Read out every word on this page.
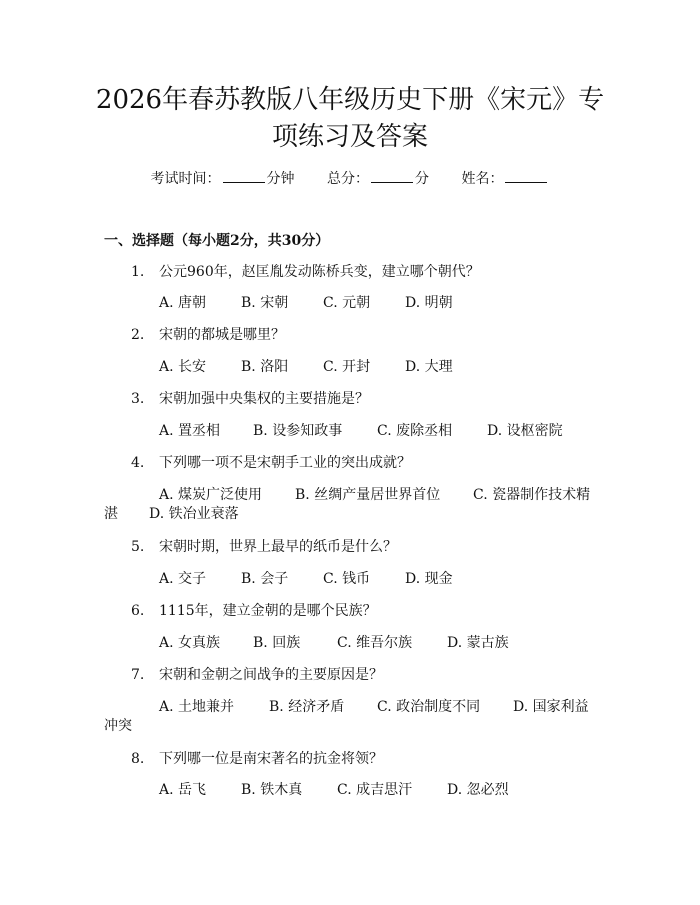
2026年春苏教版八年级历史下册《宋元》专
项练习及答案
考试时间：	分钟 总分：	分 姓名：
一、选择题（每小题2分，共30分）
1. 公元960年，赵匡胤发动陈桥兵变，建立哪个朝代？
A. 唐朝 B. 宋朝 C. 元朝 D. 明朝
2. 宋朝的都城是哪里？
A. 长安 B. 洛阳 C. 开封 D. 大理
3. 宋朝加强中央集权的主要措施是？
A. 置丞相 B. 设参知政事 C. 废除丞相 D. 设枢密院
4. 下列哪一项不是宋朝手工业的突出成就？
A. 煤炭广泛使用 B. 丝绸产量居世界首位 C. 瓷器制作技术精
湛 D. 铁冶业衰落
5. 宋朝时期，世界上最早的纸币是什么？
A. 交子 B. 会子 C. 钱币 D. 现金
6. 1115年，建立金朝的是哪个民族？
A. 女真族 B. 回族	C. 维吾尔族 D. 蒙古族
7. 宋朝和金朝之间战争的主要原因是？
A. 土地兼并 B. 经济矛盾 C. 政治制度不同 D. 国家利益
冲突
8. 下列哪一位是南宋著名的抗金将领？
A. 岳飞 B. 铁木真 C. 成吉思汗 D. 忽必烈
